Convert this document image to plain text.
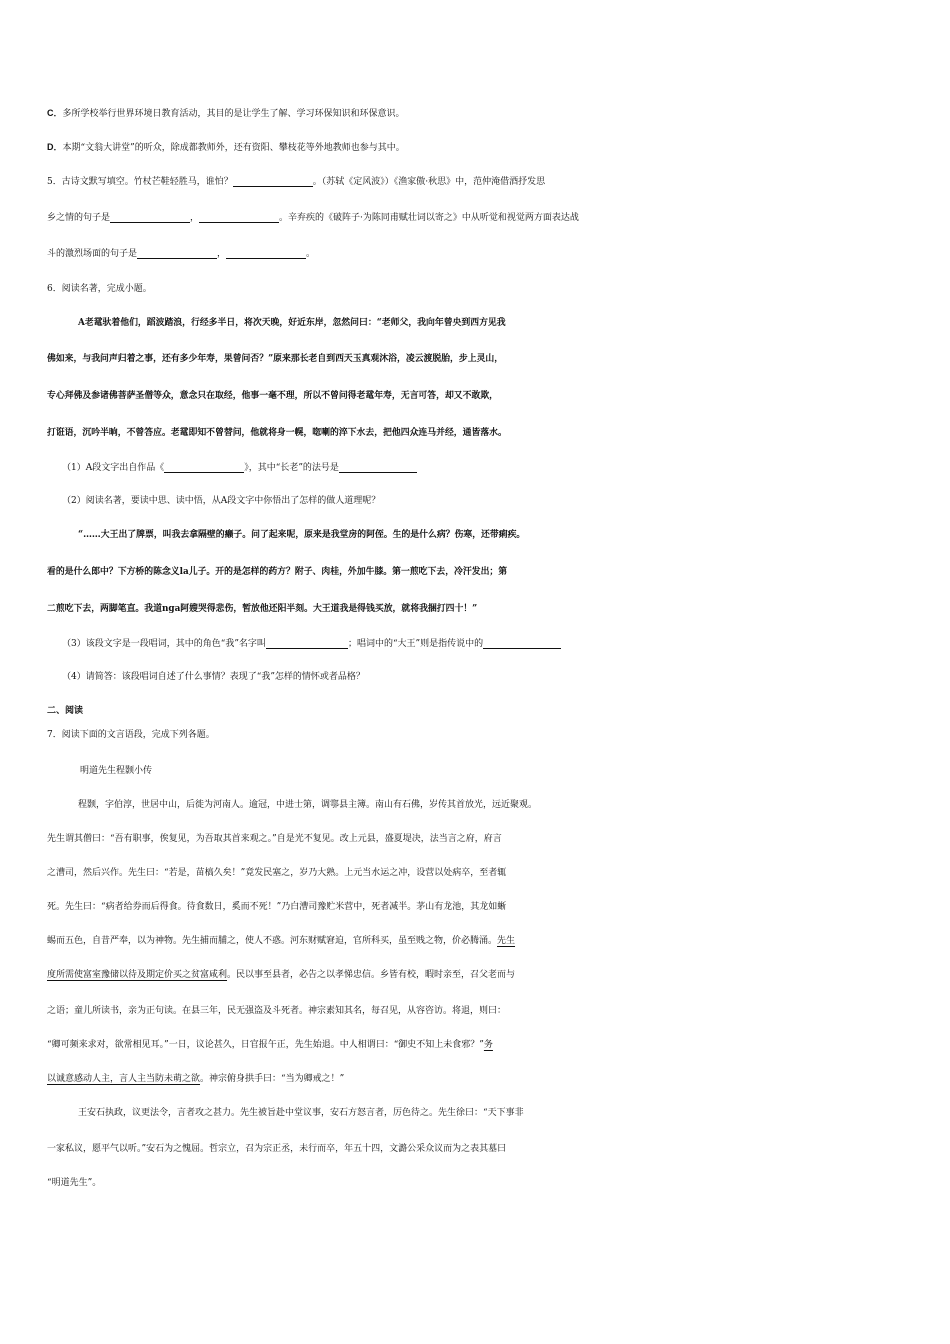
C．多所学校举行世界环境日教育活动，其目的是让学生了解、学习环保知识和环保意识。
D．本期“文翁大讲堂”的听众，除成都教师外，还有资阳、攀枝花等外地教师也参与其中。
5．古诗文默写填空。竹杖芒鞋轻胜马，谁怕？	。（苏轼《定风波》）《渔家傲·秋思》中，范仲淹借酒抒发思
乡之情的句子是	，	。辛弃疾的《破阵子·为陈同甫赋壮词以寄之》中从听觉和视觉两方面表达战
斗的激烈场面的句子是	，	。
6．阅读名著，完成小题。
A老鼋驮着他们，蹈波踏浪，行经多半日，将次天晚，好近东岸，忽然问曰：“老师父，我向年曾央到西方见我
佛如来，与我问声归着之事，还有多少年寿，果曾问否？”原来那长老自到西天玉真观沐浴，凌云渡脱胎，步上灵山，
专心拜佛及参诸佛菩萨圣僧等众，意念只在取经，他事一毫不理，所以不曾问得老鼋年寿，无言可答，却又不敢欺，
打诳语，沉吟半晌，不曾答应。老鼋即知不曾替问，他就将身一幌，唿喇的淬下水去，把他四众连马并经，通皆落水。
（1）A段文字出自作品《	》，其中“长老”的法号是
（2）阅读名著，要读中思、读中悟，从A段文字中你悟出了怎样的做人道理呢？
“……大王出了牌票，叫我去拿隔壁的癞子。问了起来呢，原来是我堂房的阿侄。生的是什么病？伤寒，还带痢疾。
看的是什么郎中？下方桥的陈念义la儿子。开的是怎样的药方？附子、肉桂，外加牛膝。第一煎吃下去，冷汗发出；第
二煎吃下去，两脚笔直。我道nga阿嫂哭得悲伤，暂放他还阳半刻。大王道我是得钱买放，就将我捆打四十！”
（3）该段文字是一段唱词，其中的角色“我”名字叫	；唱词中的“大王”则是指传说中的
（4）请简答：该段唱词自述了什么事情？表现了“我”怎样的情怀或者品格？
二、阅读
7．阅读下面的文言语段，完成下列各题。
明道先生程颢小传
程颢，字伯淳，世居中山，后徙为河南人。逾冠，中进士第，调鄠县主簿。南山有石佛，岁传其首放光，远近聚观。
先生谓其僧曰：“吾有职事，俟复见，为吾取其首来观之。”自是光不复见。改上元县，盛夏堤决，法当言之府，府言
之漕司，然后兴作。先生曰：“若是，苗槁久矣！”竟发民塞之，岁乃大熟。上元当水运之冲，设营以处病卒，至者辄
死。先生曰：“病者给券而后得食。待食数日，奚而不死！”乃白漕司豫贮米营中，死者减半。茅山有龙池，其龙如蜥
蜴而五色，自昔严奉，以为神物。先生捕而脯之，使人不惑。河东财赋窘迫，官所科买，虽至贱之物，价必腾涌。先生
度所需使富室豫储以待及期定价买之贫富咸利。民以事至县者，必告之以孝悌忠信。乡皆有校，暇时亲至，召父老而与
之语；童儿所读书，亲为正句读。在县三年，民无强盗及斗死者。神宗素知其名，每召见，从容咨访。将退，则曰：
“卿可频来求对，欲常相见耳。”一日，议论甚久，日官报午正，先生始退。中人相谓曰：“御史不知上未食邪？”务
以诚意感动人主，言人主当防未萌之欲。神宗俯身拱手曰：“当为卿戒之！”
王安石执政，议更法令，言者攻之甚力。先生被旨赴中堂议事，安石方怒言者，厉色待之。先生徐曰：“天下事非
一家私议，愿平气以听。”安石为之愧屈。哲宗立，召为宗正丞，未行而卒，年五十四，文潞公采众议而为之表其墓曰
“明道先生”。
